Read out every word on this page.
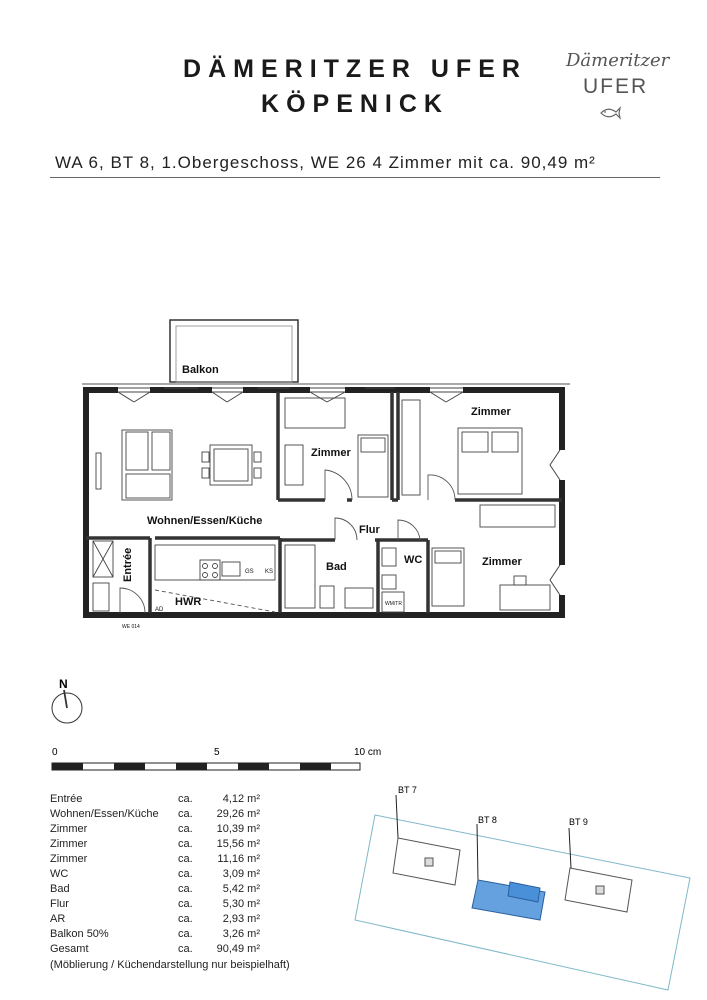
DÄMERITZER UFER
KÖPENICK
Dämeritzer
UFER
WA 6, BT 8, 1.Obergeschoss, WE 26 4 Zimmer mit ca. 90,49 m²
Balkon
Wohnen/Essen/Küche
Zimmer
Zimmer
Zimmer
Flur
Bad
WC
Entrée
HWR
GS KS
AD
WM/TR
WE 014
N
0	5	10 cm
BT 7
BT 8	BT 9
Entrée	ca.	4,12 m²
Wohnen/Essen/Küche	ca.	29,26 m²
Zimmer	ca.	10,39 m²
Zimmer	ca.	15,56 m²
Zimmer	ca.	11,16 m²
WC	ca.	3,09 m²
Bad	ca.	5,42 m²
Flur	ca.	5,30 m²
AR	ca.	2,93 m²
Balkon 50%	ca.	3,26 m²
Gesamt	ca.	90,49 m²
(Möblierung / Küchendarstellung nur beispielhaft)
